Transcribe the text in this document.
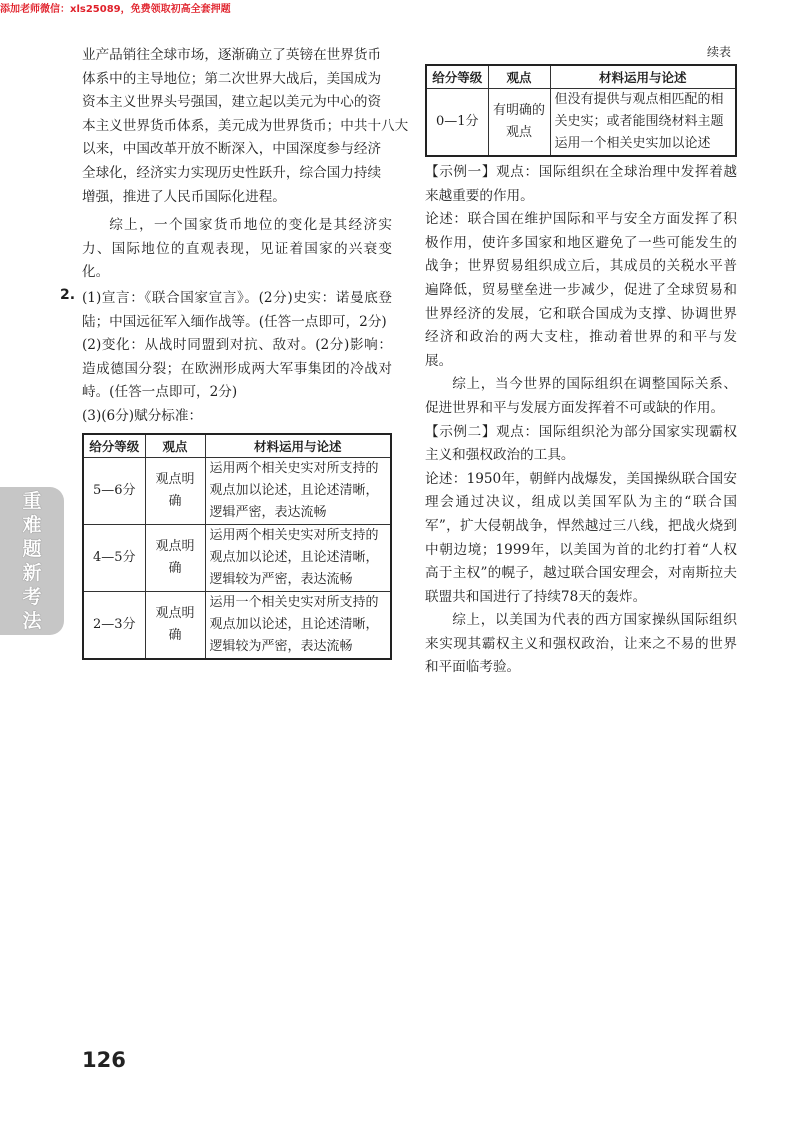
添加老师微信：xls25089，免费领取初高全套押题
业产品销往全球市场，逐渐确立了英镑在世界货币
体系中的主导地位；第二次世界大战后，美国成为
资本主义世界头号强国，建立起以美元为中心的资
本主义世界货币体系，美元成为世界货币；中共十八大
以来，中国改革开放不断深入，中国深度参与经济
全球化，经济实力实现历史性跃升，综合国力持续
增强，推进了人民币国际化进程。

综上，一个国家货币地位的变化是其经济实力、国际地位的直观表现，见证着国家的兴衰变化。

2. (1)宣言：《联合国家宣言》。(2分)史实：诺曼底登陆；中国远征军入缅作战等。(任答一点即可，2分)

(2)变化：从战时同盟到对抗、敌对。(2分)影响：造成德国分裂；在欧洲形成两大军事集团的冷战对峙。(任答一点即可，2分)

(3)(6分)赋分标准：

给分等级	观点	材料运用与论述
5—6分	观点明确	运用两个相关史实对所支持的观点加以论述，且论述清晰，逻辑严密，表达流畅
4—5分	观点明确	运用两个相关史实对所支持的观点加以论述，且论述清晰，逻辑较为严密，表达流畅
2—3分	观点明确	运用一个相关史实对所支持的观点加以论述，且论述清晰，逻辑较为严密，表达流畅

续表

给分等级	观点	材料运用与论述
0—1分	有明确的观点	但没有提供与观点相匹配的相关史实；或者能围绕材料主题运用一个相关史实加以论述

【示例一】观点：国际组织在全球治理中发挥着越来越重要的作用。

论述：联合国在维护国际和平与安全方面发挥了积极作用，使许多国家和地区避免了一些可能发生的战争；世界贸易组织成立后，其成员的关税水平普遍降低，贸易壁垒进一步减少，促进了全球贸易和世界经济的发展，它和联合国成为支撑、协调世界经济和政治的两大支柱，推动着世界的和平与发展。

综上，当今世界的国际组织在调整国际关系、促进世界和平与发展方面发挥着不可或缺的作用。

【示例二】观点：国际组织沦为部分国家实现霸权主义和强权政治的工具。

论述：1950年，朝鲜内战爆发，美国操纵联合国安理会通过决议，组成以美国军队为主的“联合国军”，扩大侵朝战争，悍然越过三八线，把战火烧到中朝边境；1999年，以美国为首的北约打着“人权高于主权”的幌子，越过联合国安理会，对南斯拉夫联盟共和国进行了持续78天的轰炸。

综上，以美国为代表的西方国家操纵国际组织来实现其霸权主义和强权政治，让来之不易的世界和平面临考验。

重
难
题
新
考
法
126
